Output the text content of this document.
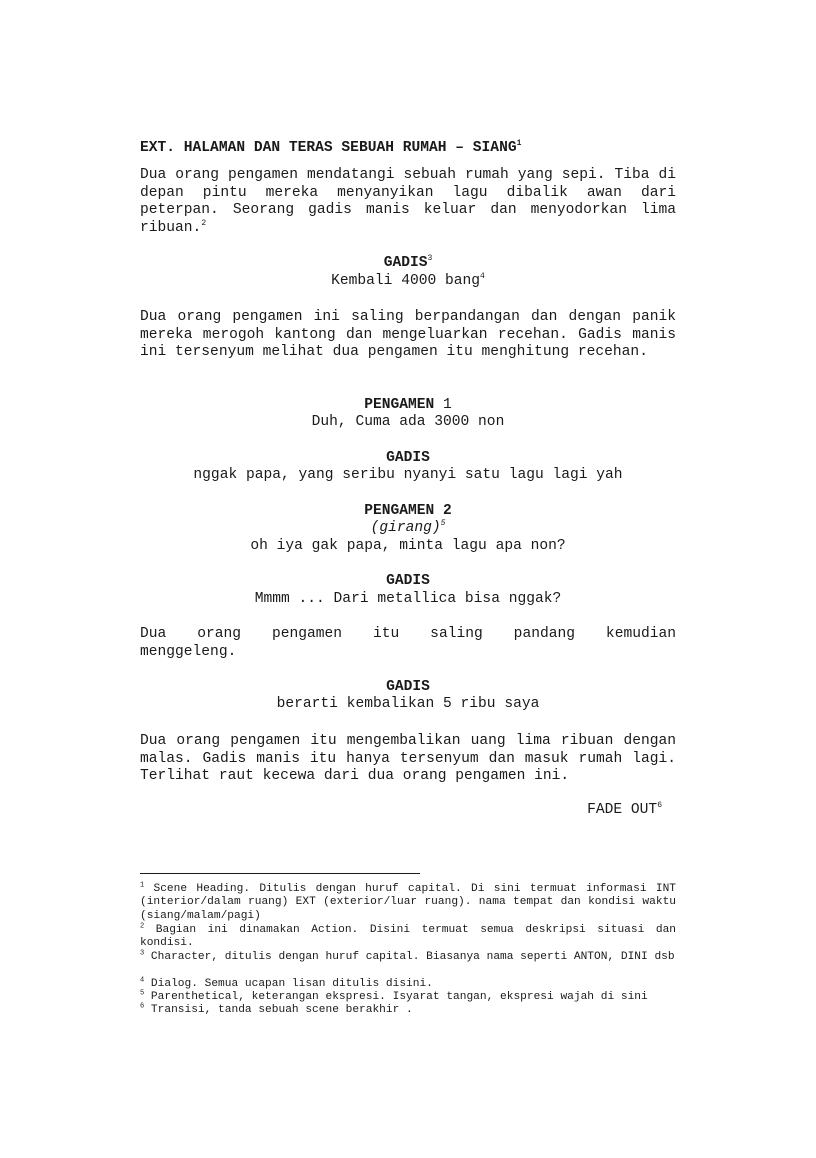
EXT. HALAMAN DAN TERAS SEBUAH RUMAH – SIANG$^1$

Dua orang pengamen mendatangi sebuah rumah yang sepi. Tiba di depan pintu mereka menyanyikan lagu dibalik awan dari peterpan. Seorang gadis manis keluar dan menyodorkan lima ribuan.$^2$

GADIS$^3$

Kembali 4000 bang$^4$

Dua orang pengamen ini saling berpandangan dan dengan panik mereka merogoh kantong dan mengeluarkan recehan. Gadis manis ini tersenyum melihat dua pengamen itu menghitung recehan.

PENGAMEN 1

Duh, Cuma ada 3000 non

GADIS

nggak papa, yang seribu nyanyi satu lagu lagi yah

PENGAMEN 2

(girang)$^5$

oh iya gak papa, minta lagu apa non?

GADIS

Mmmm ... Dari metallica bisa nggak?

Dua orang pengamen itu saling pandang kemudian

menggeleng.

GADIS

berarti kembalikan 5 ribu saya

Dua orang pengamen itu mengembalikan uang lima ribuan dengan malas. Gadis manis itu hanya tersenyum dan masuk rumah lagi. Terlihat raut kecewa dari dua orang pengamen ini.

FADE OUT$^6$

$^1$ Scene Heading. Ditulis dengan huruf capital. Di sini termuat informasi INT (interior/dalam ruang) EXT (exterior/luar ruang). nama tempat dan kondisi waktu (siang/malam/pagi)

$^2$ Bagian ini dinamakan Action. Disini termuat semua deskripsi situasi dan kondisi.

$^3$ Character, ditulis dengan huruf capital. Biasanya nama seperti ANTON, DINI dsb

$^4$ Dialog. Semua ucapan lisan ditulis disini.

$^5$ Parenthetical, keterangan ekspresi. Isyarat tangan, ekspresi wajah di sini

$^6$ Transisi, tanda sebuah scene berakhir .
